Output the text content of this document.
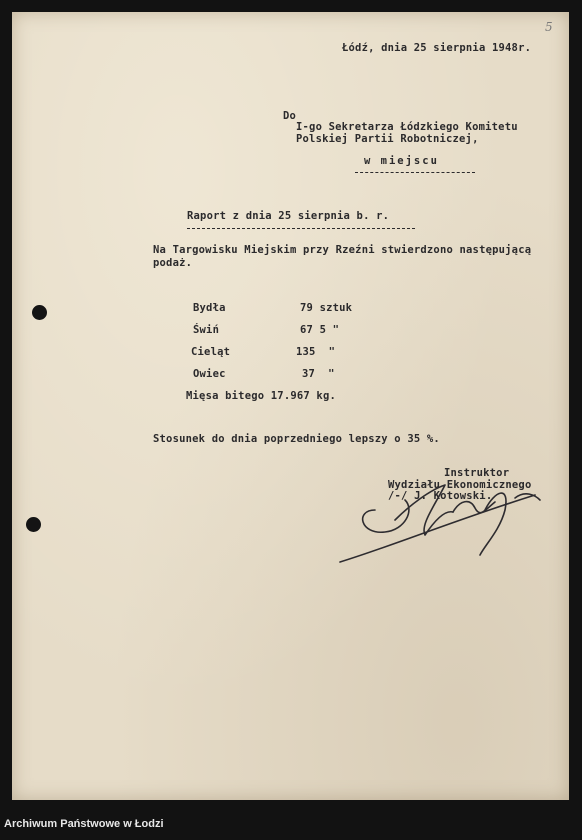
5
Łódź, dnia 25 sierpnia 1948r.
Do
I-go Sekretarza Łódzkiego Komitetu
Polskiej Partii Robotniczej,
w miejscu
Raport z dnia 25 sierpnia b. r.
Na Targowisku Miejskim przy Rzeźni stwierdzono następującą
podaż.
Bydła	79 sztuk
Świń	67 5 "
Cieląt	135  "
Owiec	37  "
Mięsa bitego 17.967 kg.
Stosunek do dnia poprzedniego lepszy o 35 %.
Instruktor
Wydziału Ekonomicznego
/-/ J. Kotowski.
Archiwum Państwowe w Łodzi
